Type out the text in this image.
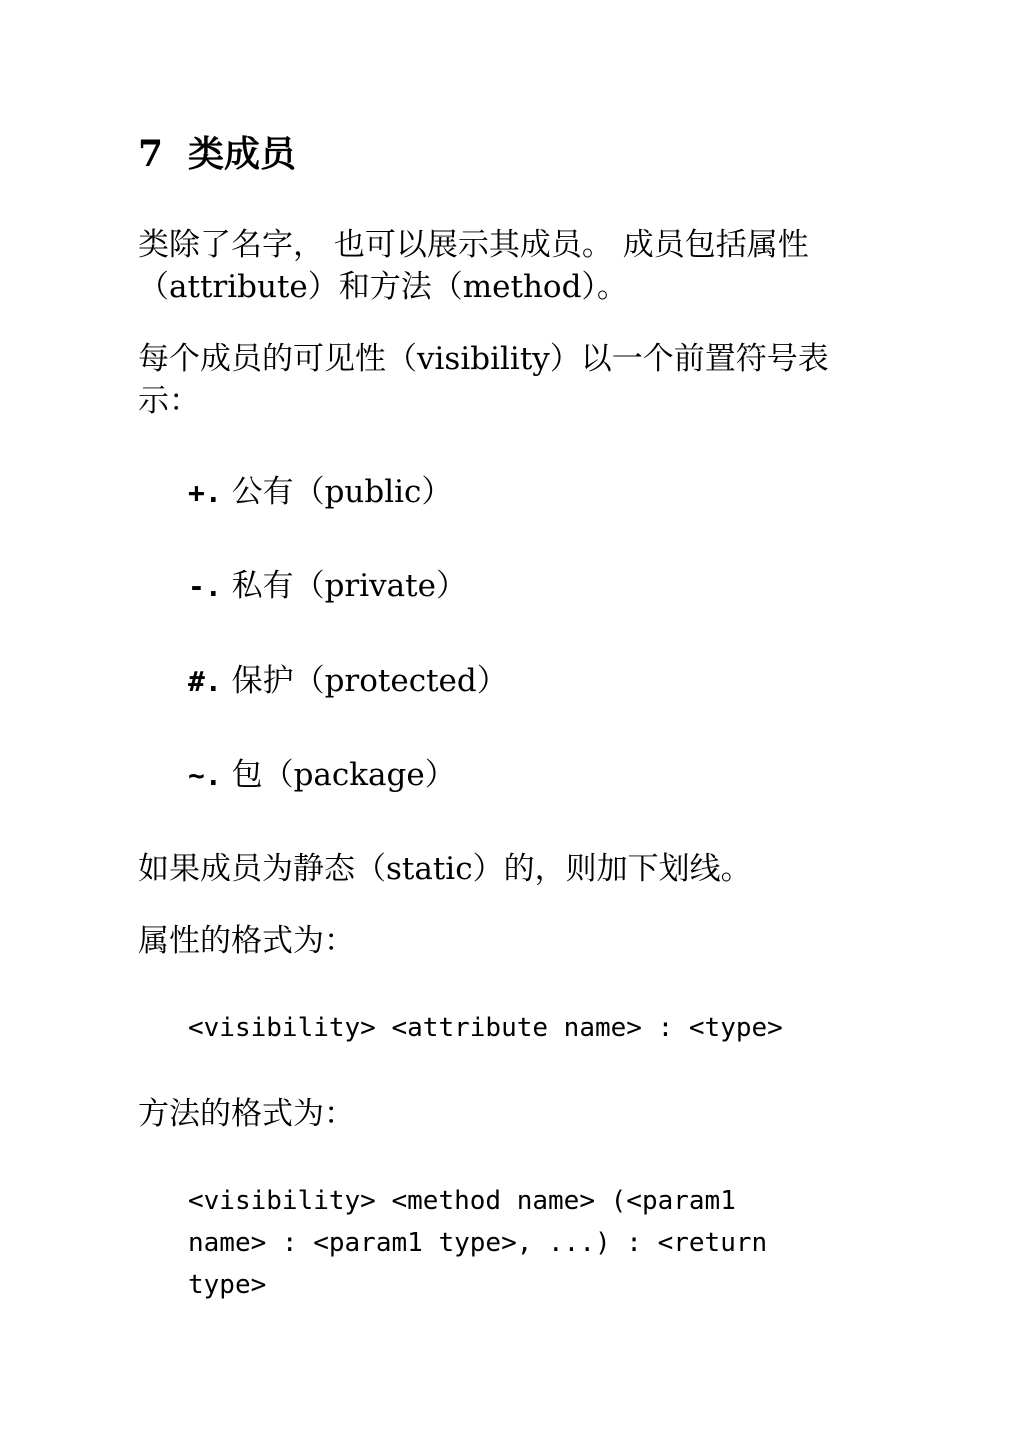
7 类成员

类除了名字， 也可以展示其成员。 成员包括属性
（attribute）和方法（method）。

每个成员的可见性（visibility）以一个前置符号表
示：

+. 公有（public）
-. 私有（private）
#. 保护（protected）
~. 包（package）

如果成员为静态（static）的，则加下划线。

属性的格式为：

<visibility> <attribute name> : <type>

方法的格式为：

<visibility> <method name> (<param1
name> : <param1 type>, ...) : <return
type>
